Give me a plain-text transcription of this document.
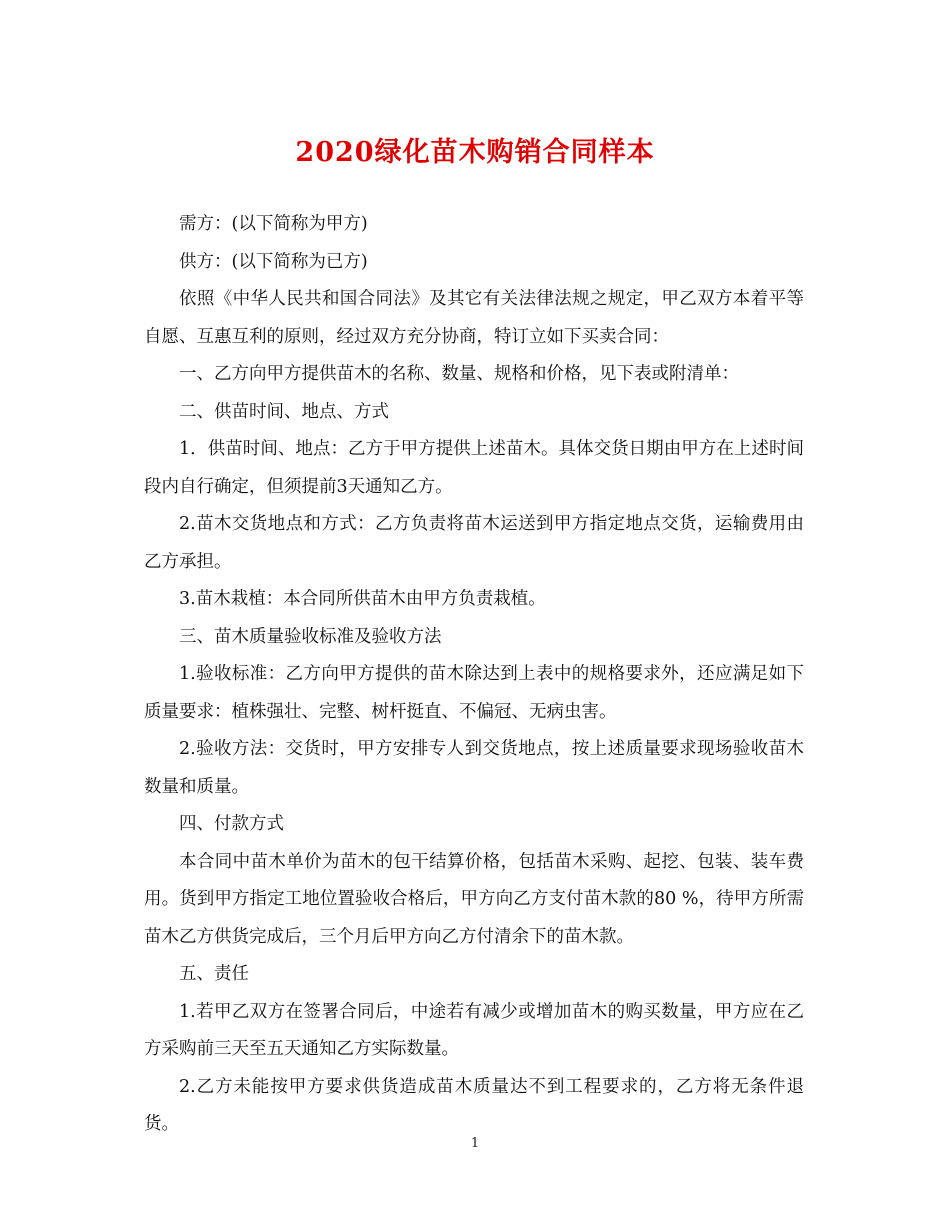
2020绿化苗木购销合同样本

需方：(以下简称为甲方)

供方：(以下简称为已方)

依照《中华人民共和国合同法》及其它有关法律法规之规定，甲乙双方本着平等自愿、互惠互利的原则，经过双方充分协商，特订立如下买卖合同：

一、乙方向甲方提供苗木的名称、数量、规格和价格，见下表或附清单：

二、供苗时间、地点、方式

1．供苗时间、地点：乙方于甲方提供上述苗木。具体交货日期由甲方在上述时间段内自行确定，但须提前3天通知乙方。

2.苗木交货地点和方式：乙方负责将苗木运送到甲方指定地点交货，运输费用由乙方承担。

3.苗木栽植：本合同所供苗木由甲方负责栽植。

三、苗木质量验收标准及验收方法

1.验收标准：乙方向甲方提供的苗木除达到上表中的规格要求外，还应满足如下质量要求：植株强壮、完整、树杆挺直、不偏冠、无病虫害。

2.验收方法：交货时，甲方安排专人到交货地点，按上述质量要求现场验收苗木数量和质量。

四、付款方式

本合同中苗木单价为苗木的包干结算价格，包括苗木采购、起挖、包装、装车费用。货到甲方指定工地位置验收合格后，甲方向乙方支付苗木款的80 %，待甲方所需苗木乙方供货完成后，三个月后甲方向乙方付清余下的苗木款。

五、责任

1.若甲乙双方在签署合同后，中途若有减少或增加苗木的购买数量，甲方应在乙方采购前三天至五天通知乙方实际数量。

2.乙方未能按甲方要求供货造成苗木质量达不到工程要求的，乙方将无条件退货。

1
